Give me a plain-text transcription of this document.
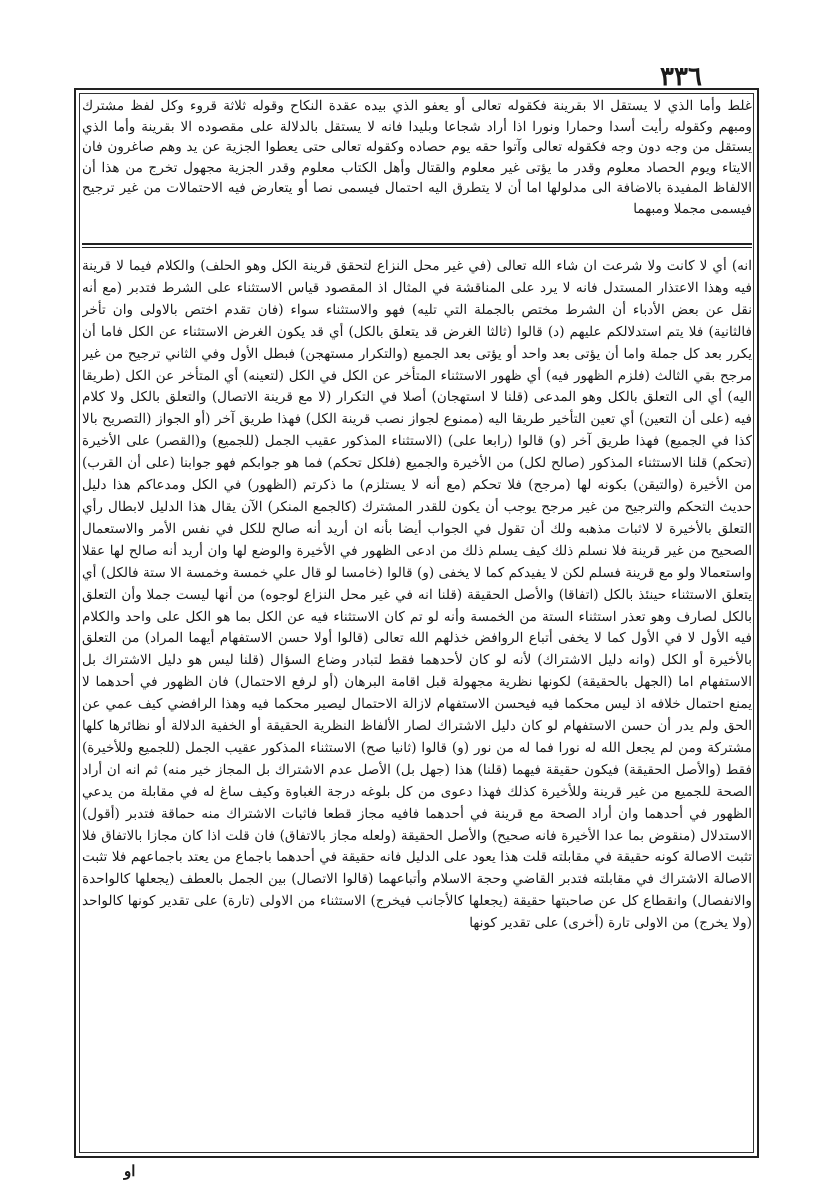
٣٣٦
غلط وأما الذي لا يستقل الا بقرينة فكقوله تعالى أو يعفو الذي بيده عقدة النكاح وقوله ثلاثة قروء وكل لفظ مشترك ومبهم وكقوله رأيت أسدا وحمارا ونورا اذا أراد شجاعا وبليدا فانه لا يستقل بالدلالة على مقصوده الا بقرينة وأما الذي يستقل من وجه دون وجه فكقوله تعالى وآتوا حقه يوم حصاده وكقوله تعالى حتى يعطوا الجزية عن يد وهم صاغرون فان الايتاء ويوم الحصاد معلوم وقدر ما يؤتى غير معلوم والقتال وأهل الكتاب معلوم وقدر الجزية مجهول تخرج من هذا أن الالفاظ المفيدة بالاضافة الى مدلولها اما أن لا يتطرق اليه احتمال فيسمى نصا أو يتعارض فيه الاحتمالات من غير ترجيح فيسمى مجملا ومبهما
انه) أي لا كانت ولا شرعت ان شاء الله تعالى (في غير محل النزاع لتحقق قرينة الكل وهو الحلف) والكلام فيما لا قرينة فيه وهذا الاعتذار المستدل فانه لا يرد على المناقشة في المثال اذ المقصود قياس الاستثناء على الشرط فتدبر (مع أنه نقل عن بعض الأدباء أن الشرط مختص بالجملة التي تليه) فهو والاستثناء سواء (فان تقدم اختص بالاولى وان تأخر فالثانية) فلا يتم استدلالكم عليهم (د) قالوا (ثالثا الغرض قد يتعلق بالكل) أي قد يكون الغرض الاستثناء عن الكل فاما أن يكرر بعد كل جملة واما أن يؤتى بعد واحد أو يؤتى بعد الجميع (والتكرار مستهجن) فبطل الأول وفي الثاني ترجيح من غير مرجح بقي الثالث (فلزم الظهور فيه) أي ظهور الاستثناء المتأخر عن الكل في الكل (لتعينه) أي المتأخر عن الكل (طريقا اليه) أي الى التعلق بالكل وهو المدعى (قلنا لا استهجان) أصلا في التكرار (لا مع قرينة الاتصال) والتعلق بالكل ولا كلام فيه (على أن التعين) أي تعين التأخير طريقا اليه (ممنوع لجواز نصب قرينة الكل) فهذا طريق آخر (أو الجواز (التصريح بالا كذا في الجميع) فهذا طريق آخر (و) قالوا (رابعا على) (الاستثناء المذكور عقيب الجمل (للجميع) و(القصر) على الأخيرة (تحكم) قلنا الاستثناء المذكور (صالح لكل) من الأخيرة والجميع (فلكل تحكم) فما هو جوابكم فهو جوابنا (على أن القرب) من الأخيرة (والتيقن) بكونه لها (مرجح) فلا تحكم (مع أنه لا يستلزم) ما ذكرتم (الظهور) في الكل ومدعاكم هذا دليل حديث التحكم والترجيح من غير مرجح يوجب أن يكون للقدر المشترك (كالجمع المنكر) الآن يقال هذا الدليل لابطال رأي التعلق بالأخيرة لا لاثبات مذهبه ولك أن تقول في الجواب أيضا بأنه ان أريد أنه صالح للكل في نفس الأمر والاستعمال الصحيح من غير قرينة فلا نسلم ذلك كيف يسلم ذلك من ادعى الظهور في الأخيرة والوضع لها وان أريد أنه صالح لها عقلا واستعمالا ولو مع قرينة فسلم لكن لا يفيدكم كما لا يخفى (و) قالوا (خامسا لو قال علي خمسة وخمسة الا ستة فالكل) أي يتعلق الاستثناء حينئذ بالكل (اتفاقا) والأصل الحقيقة (قلنا انه في غير محل النزاع لوجوه) من أنها ليست جملا وأن التعلق بالكل لصارف وهو تعذر استثناء الستة من الخمسة وأنه لو تم كان الاستثناء فيه عن الكل بما هو الكل على واحد والكلام فيه الأول لا في الأول كما لا يخفى أتباع الروافض خذلهم الله تعالى (قالوا أولا حسن الاستفهام أيهما المراد) من التعلق بالأخيرة أو الكل (وانه دليل الاشتراك) لأنه لو كان لأحدهما فقط لتبادر وضاع السؤال (قلنا ليس هو دليل الاشتراك بل الاستفهام اما (الجهل بالحقيقة) لكونها نظرية مجهولة قبل اقامة البرهان (أو لرفع الاحتمال) فان الظهور في أحدهما لا يمنع احتمال خلافه اذ ليس محكما فيه فيحسن الاستفهام لازالة الاحتمال ليصير محكما فيه وهذا الرافضي كيف عمي عن الحق ولم يدر أن حسن الاستفهام لو كان دليل الاشتراك لصار الألفاظ النظرية الحقيقة أو الخفية الدلالة أو نظائرها كلها مشتركة ومن لم يجعل الله له نورا فما له من نور (و) قالوا (ثانيا صح) الاستثناء المذكور عقيب الجمل (للجميع وللأخيرة) فقط (والأصل الحقيقة) فيكون حقيقة فيهما (قلنا) هذا (جهل بل) الأصل عدم الاشتراك بل المجاز خير منه) ثم انه ان أراد الصحة للجميع من غير قرينة وللأخيرة كذلك فهذا دعوى من كل بلوغه درجة الغباوة وكيف ساغ له في مقابلة من يدعي الظهور في أحدهما وان أراد الصحة مع قرينة في أحدهما فافيه مجاز قطعا فاثبات الاشتراك منه حماقة فتدبر (أقول) الاستدلال (منقوض بما عدا الأخيرة فانه صحيح) والأصل الحقيقة (ولعله مجاز بالاتفاق) فان قلت اذا كان مجازا بالاتفاق فلا تثبت الاصالة كونه حقيقة في مقابلته قلت هذا يعود على الدليل فانه حقيقة في أحدهما باجماع من يعتد باجماعهم فلا تثبت الاصالة الاشتراك في مقابلته فتدبر القاضي وحجة الاسلام وأتباعهما (قالوا الاتصال) بين الجمل بالعطف (يجعلها كالواحدة والانفصال) وانقطاع كل عن صاحبتها حقيقة (يجعلها كالأجانب فيخرج) الاستثناء من الاولى (تارة) على تقدير كونها كالواحد (ولا يخرج) من الاولى تارة (أخرى) على تقدير كونها
او
